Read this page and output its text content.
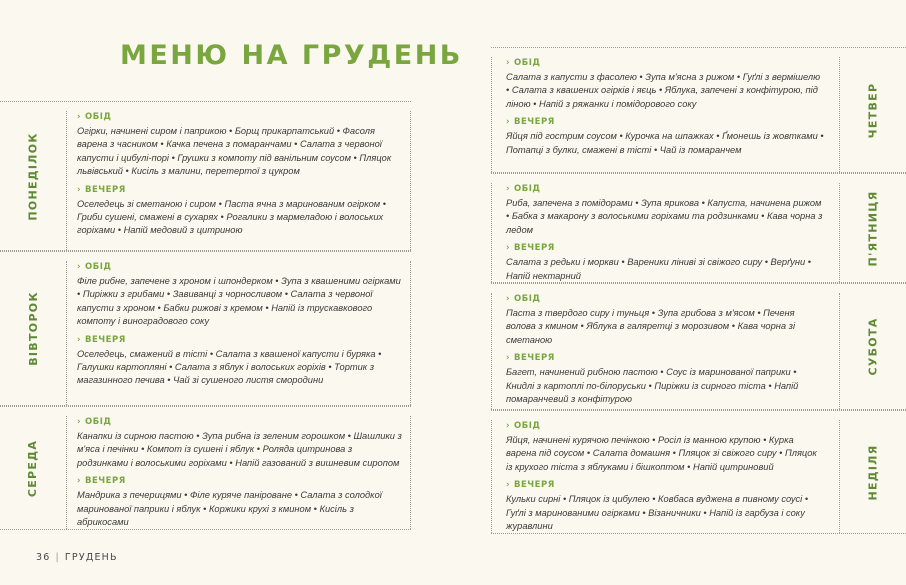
МЕНЮ НА ГРУДЕНЬ
ПОНЕДІЛОК

› ОБІД

Огірки, начинені сиром і паприкою • Борщ прикарпатський • Фасоля варена з часником • Качка печена з помаранчами • Салата з червоної капусти і цибулі-порі • Грушки з компоту під ванільним соусом • Пляцок львівський • Кисіль з малини, перетертої з цукром

› ВЕЧЕРЯ

Оселедець зі сметаною і сиром • Паста ячна з маринованим огірком • Гриби сушені, смажені в сухарях • Рогалики з мармеладою і волоських горіхами • Напій медовий з цитриною

ВІВТОРОК

› ОБІД

Філе рибне, запечене з хроном і шпондерком • Зупа з квашеними огірками • Пиріжки з грибами • Завиванці з чорносливом • Салата з червоної капусти з хроном • Бабки рижові з кремом • Напій із трускавкового компоту і виноградового соку

› ВЕЧЕРЯ

Оселедець, смажений в тісті • Салата з квашеної капусти і буряка • Галушки картопляні • Салата з яблук і волоських горіхів • Тортик з магазинного печива • Чай зі сушеного листя смородини

СЕРЕДА

› ОБІД

Канапки із сирною пастою • Зупа рибна із зеленим горошком • Шашлики з м'яса і печінки • Компот із сушені і яблук • Роляда цитринова з родзинками і волоськими горіхами • Напій газований з вишневим сиропом

› ВЕЧЕРЯ

Мандрика з печерицями • Філе куряче панірoване • Салата з солодкої маринованої паприки і яблук • Коржики круxі з кминoм • Кисіль з абрикосами

ЧЕТВЕР

› ОБІД

Салата з капусти з фасолею • Зупа м'ясна з рижом • Гуґлі з вермішелю • Салата з квашених огірків і яєць • Яблука, запечені з конфітурою, під ліною • Напій з ряжанки і помідорового соку

› ВЕЧЕРЯ

Яйця під гострим соусом • Курочка на шпажках • Ґмонешь із жовтками • Потапці з булки, смажені в тісті • Чай із помаранчем

П'ЯТНИЦЯ

› ОБІД

Риба, запечена з помідорами • Зупа ярикова • Капуста, начинена рижом • Бабка з макарону з волоськими горіхами та родзинками • Кава чорна з ледом

› ВЕЧЕРЯ

Салата з редьки і моркви • Вареники ліниві зі свіжого сиру • Верґуни • Напій нектарний

СУБОТА

› ОБІД

Паста з твердого сиру і туньця • Зупа грибова з м'ясом • Печеня волова з кмином • Яблука в галяретці з морозивом • Кава чорна зі сметаною

› ВЕЧЕРЯ

Багет, начинений рибною пастою • Соус із маринованої паприки • Книдлі з картоплі по-білоруськи • Пиріжки із сирного тіста • Напій помаранчевий з конфітурою

НЕДІЛЯ

› ОБІД

Яйця, начинені курячою печінкою • Росіл із манною крупою • Курка варена під соусом • Салата домашня • Пляцок зі свіжого сиру • Пляцок із крухого тіста з яблуками і бішкоптом • Напій цитриновий

› ВЕЧЕРЯ

Кульки сирні • Пляцок із цибулею • Ковбаса вуджена в пивному соусі • Гуґлі з маринованими огірками • Візаничники • Напій із гарбуза і соку журавлини

36 | ГРУДЕНЬ
